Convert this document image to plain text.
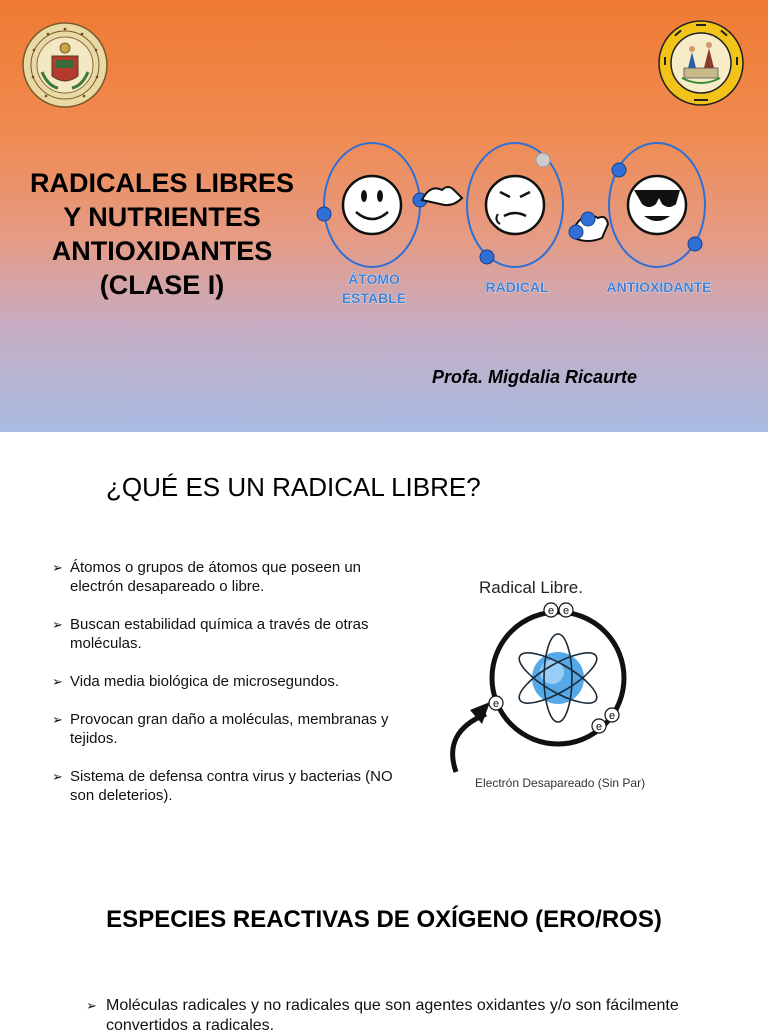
RADICALES LIBRES
Y NUTRIENTES
ANTIOXIDANTES
(CLASE I)	ÁTOMO
ESTABLE
RADICAL	ANTIOXIDANTE
Profa. Migdalia Ricaurte
¿QUÉ ES UN RADICAL LIBRE?
➢ Átomos o grupos de átomos que poseen un electrón desapareado o libre.
➢ Buscan estabilidad química a través de otras moléculas.
➢ Vida media biológica de microsegundos.
➢ Provocan gran daño a moléculas, membranas y tejidos.
➢ Sistema de defensa contra virus y bacterias (NO son deleterios).
Radical Libre.
e e
e
e
e
Electrón Desapareado (Sin Par)
ESPECIES REACTIVAS DE OXÍGENO (ERO/ROS)
➢ Moléculas radicales y no radicales que son agentes oxidantes y/o son fácilmente convertidos a radicales.
